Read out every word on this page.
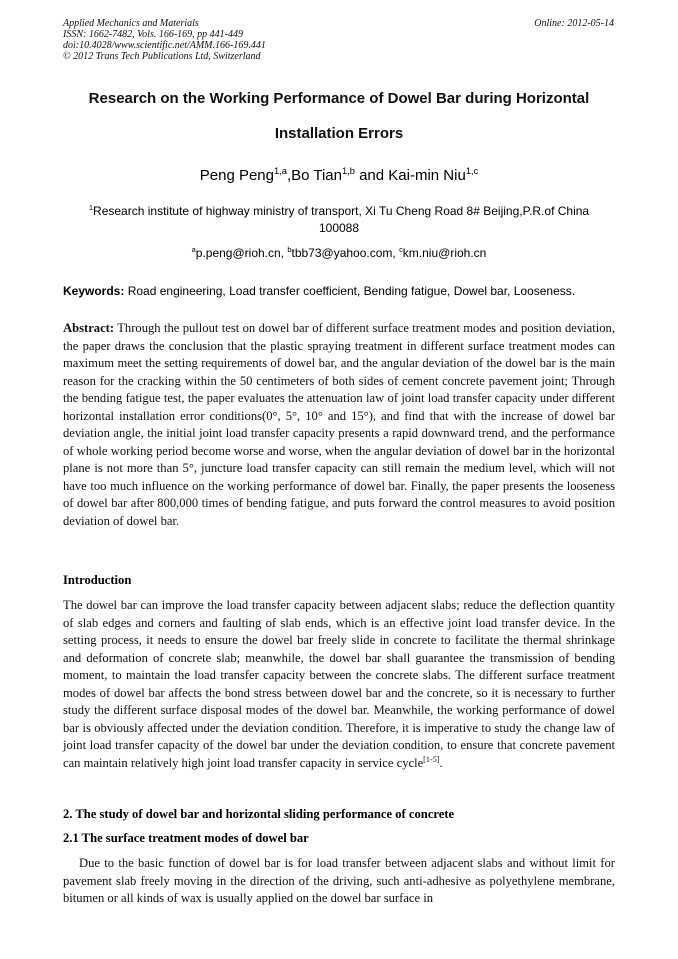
Applied Mechanics and Materials
ISSN: 1662-7482, Vols. 166-169, pp 441-449
doi:10.4028/www.scientific.net/AMM.166-169.441
© 2012 Trans Tech Publications Ltd, Switzerland
Online: 2012-05-14
Research on the Working Performance of Dowel Bar during Horizontal
Installation Errors
Peng Peng$^{1,a}$,Bo Tian$^{1,b}$ and Kai-min Niu$^{1,c}$
$^1$Research institute of highway ministry of transport, Xi Tu Cheng Road 8# Beijing,P.R.of China 100088
$^a$p.peng@rioh.cn, $^b$tbb73@yahoo.com, $^c$km.niu@rioh.cn
Keywords: Road engineering, Load transfer coefficient, Bending fatigue, Dowel bar, Looseness.
Abstract: Through the pullout test on dowel bar of different surface treatment modes and position deviation, the paper draws the conclusion that the plastic spraying treatment in different surface treatment modes can maximum meet the setting requirements of dowel bar, and the angular deviation of the dowel bar is the main reason for the cracking within the 50 centimeters of both sides of cement concrete pavement joint; Through the bending fatigue test, the paper evaluates the attenuation law of joint load transfer capacity under different horizontal installation error conditions(0°, 5°, 10° and 15°), and find that with the increase of dowel bar deviation angle, the initial joint load transfer capacity presents a rapid downward trend, and the performance of whole working period become worse and worse, when the angular deviation of dowel bar in the horizontal plane is not more than 5°, juncture load transfer capacity can still remain the medium level, which will not have too much influence on the working performance of dowel bar. Finally, the paper presents the looseness of dowel bar after 800,000 times of bending fatigue, and puts forward the control measures to avoid position deviation of dowel bar.
Introduction
The dowel bar can improve the load transfer capacity between adjacent slabs; reduce the deflection quantity of slab edges and corners and faulting of slab ends, which is an effective joint load transfer device. In the setting process, it needs to ensure the dowel bar freely slide in concrete to facilitate the thermal shrinkage and deformation of concrete slab; meanwhile, the dowel bar shall guarantee the transmission of bending moment, to maintain the load transfer capacity between the concrete slabs. The different surface treatment modes of dowel bar affects the bond stress between dowel bar and the concrete, so it is necessary to further study the different surface disposal modes of the dowel bar. Meanwhile, the working performance of dowel bar is obviously affected under the deviation condition. Therefore, it is imperative to study the change law of joint load transfer capacity of the dowel bar under the deviation condition, to ensure that concrete pavement can maintain relatively high joint load transfer capacity in service cycle[1-5].
2. The study of dowel bar and horizontal sliding performance of concrete
2.1 The surface treatment modes of dowel bar
Due to the basic function of dowel bar is for load transfer between adjacent slabs and without limit for pavement slab freely moving in the direction of the driving, such anti-adhesive as polyethylene membrane, bitumen or all kinds of wax is usually applied on the dowel bar surface in
